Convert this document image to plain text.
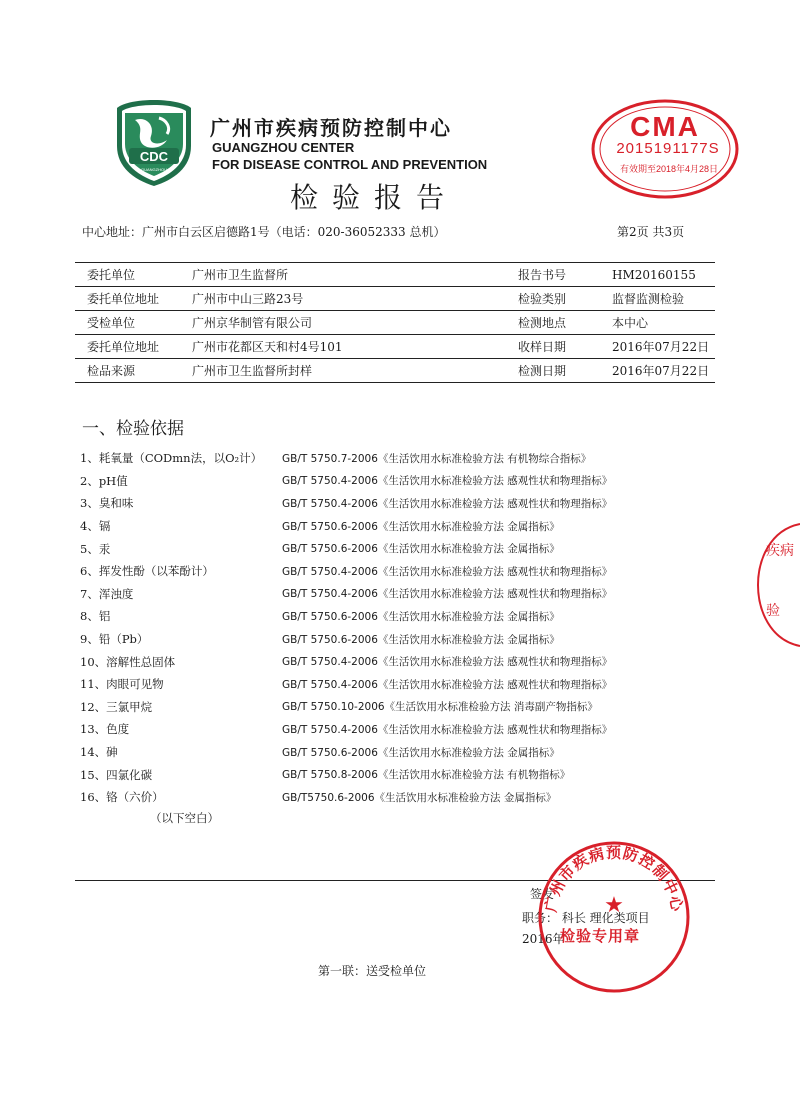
CDC
GUANGZHOU
广州市疾病预防控制中心
GUANGZHOU CENTER
FOR DISEASE CONTROL AND PREVENTION
检验报告
CMA
2015191177S
有效期至2018年4月28日
中心地址：广州市白云区启德路1号（电话：020-36052333 总机）	第2页 共3页
委托单位	广州市卫生监督所	报告书号	HM20160155
委托单位地址	广州市中山三路23号	检验类别	监督监测检验
受检单位	广州京华制管有限公司	检测地点	本中心
委托单位地址	广州市花都区天和村4号101	收样日期	2016年07月22日
检品来源	广州市卫生监督所封样	检测日期	2016年07月22日
一、检验依据
1、耗氧量（CODmn法，以O₂计）	GB/T 5750.7-2006《生活饮用水标准检验方法 有机物综合指标》
2、pH值	GB/T 5750.4-2006《生活饮用水标准检验方法 感观性状和物理指标》
3、臭和味	GB/T 5750.4-2006《生活饮用水标准检验方法 感观性状和物理指标》
4、镉	GB/T 5750.6-2006《生活饮用水标准检验方法 金属指标》
5、汞	GB/T 5750.6-2006《生活饮用水标准检验方法 金属指标》
6、挥发性酚（以苯酚计）	GB/T 5750.4-2006《生活饮用水标准检验方法 感观性状和物理指标》
7、浑浊度	GB/T 5750.4-2006《生活饮用水标准检验方法 感观性状和物理指标》
8、铝	GB/T 5750.6-2006《生活饮用水标准检验方法 金属指标》
9、铅（Pb）	GB/T 5750.6-2006《生活饮用水标准检验方法 金属指标》
10、溶解性总固体	GB/T 5750.4-2006《生活饮用水标准检验方法 感观性状和物理指标》
11、肉眼可见物	GB/T 5750.4-2006《生活饮用水标准检验方法 感观性状和物理指标》
12、三氯甲烷	GB/T 5750.10-2006《生活饮用水标准检验方法 消毒副产物指标》
13、色度	GB/T 5750.4-2006《生活饮用水标准检验方法 感观性状和物理指标》
14、砷	GB/T 5750.6-2006《生活饮用水标准检验方法 金属指标》
15、四氯化碳	GB/T 5750.8-2006《生活饮用水标准检验方法 有机物指标》
16、铬（六价）	GB/T5750.6-2006《生活饮用水标准检验方法 金属指标》
（以下空白）
签发
职务： 科长 理化类项目
2016年
广州市疾病预防控制中心
★
检验专用章
第一联：送受检单位
疾病
验
